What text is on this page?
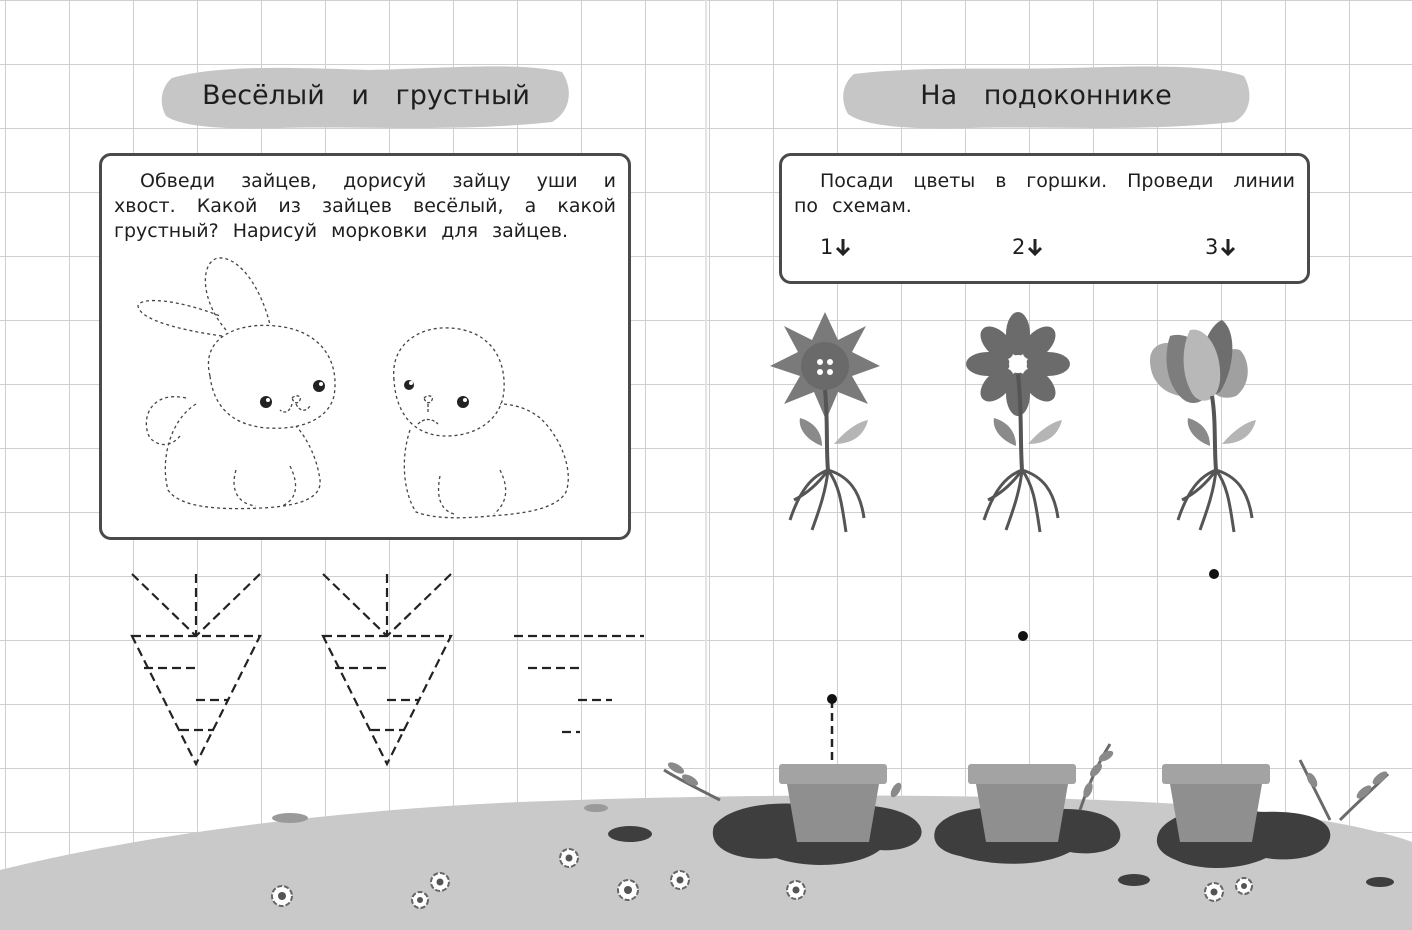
Весёлый и грустный	На подоконнике
Обведи зайцев, дорисуй зайцу уши и хвост. Какой из зайцев весёлый, а какой грустный? Нарисуй морковки для зайцев.
Посади цветы в горшки. Проведи линии по схемам.
1	2	3
